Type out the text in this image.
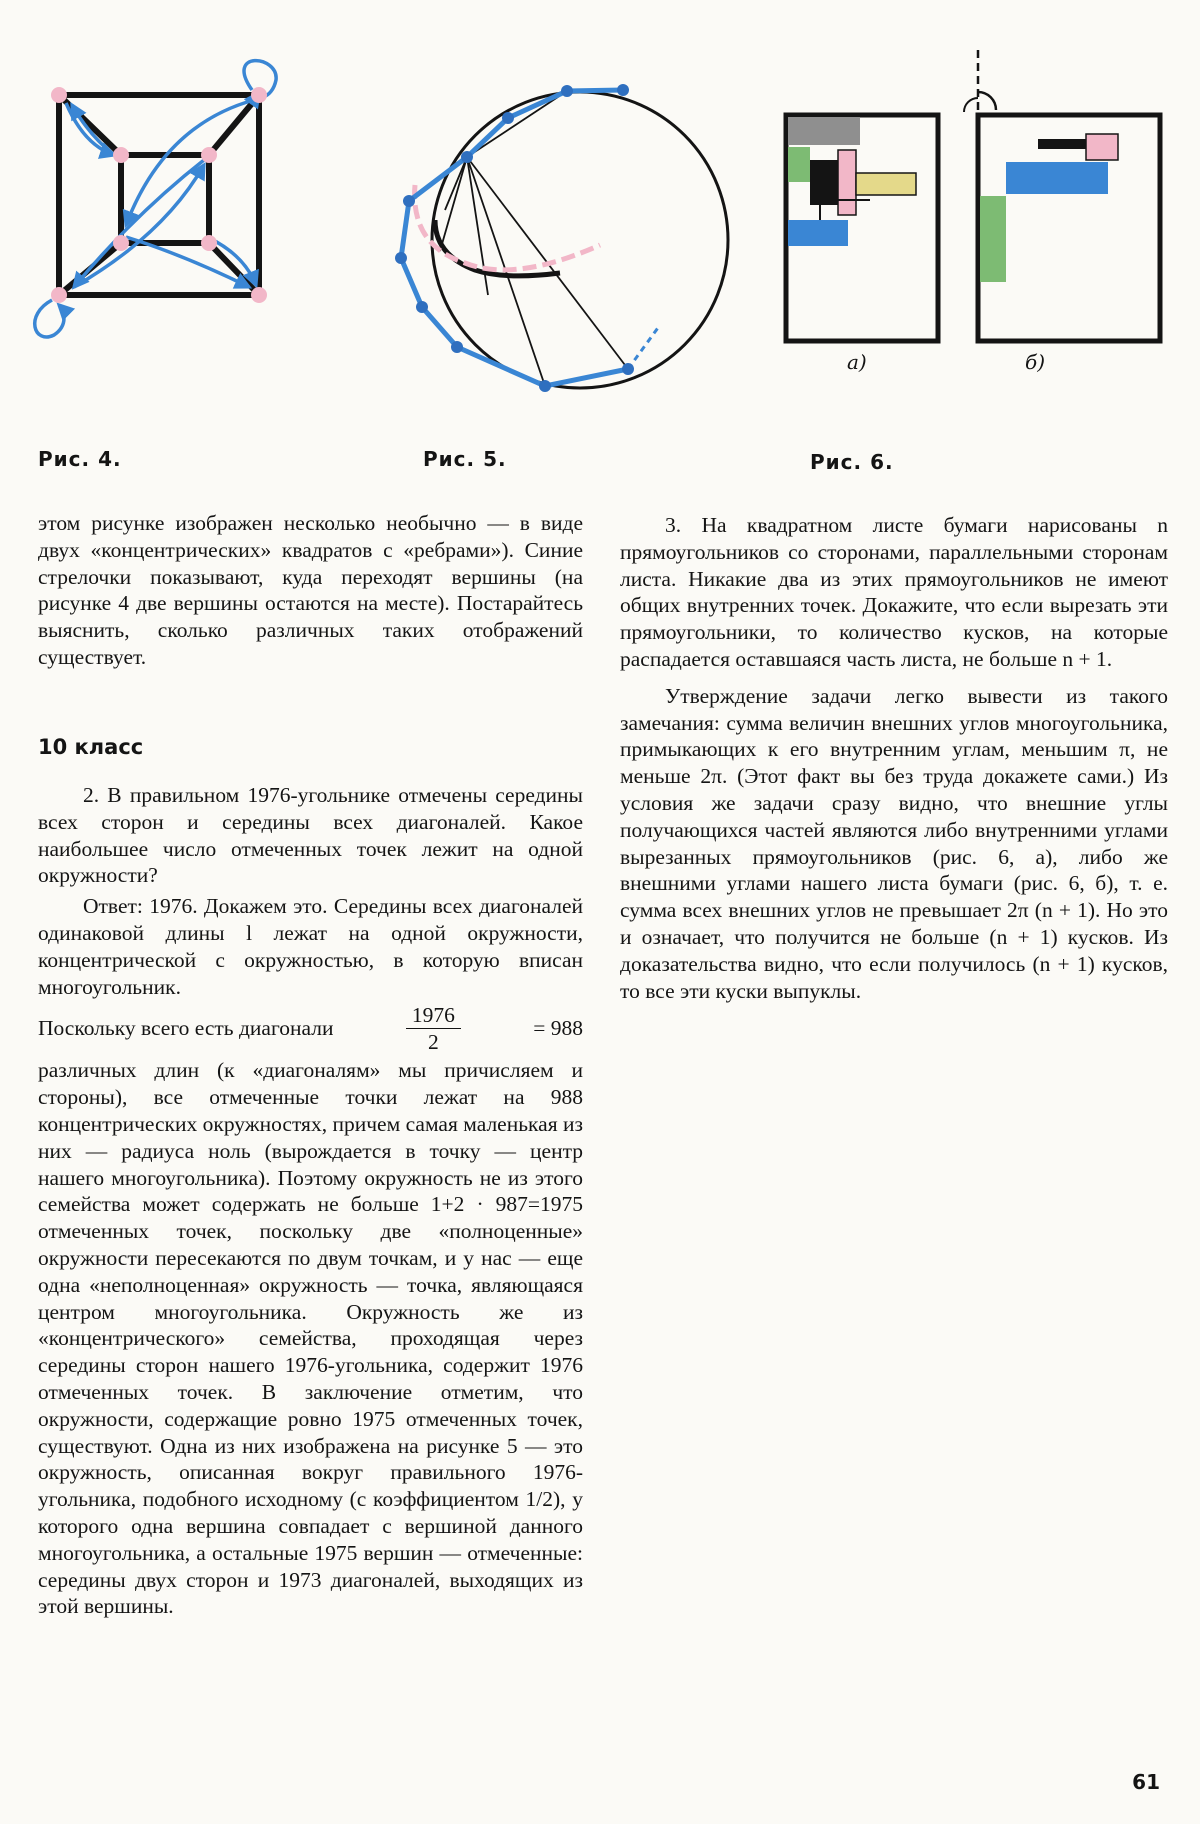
Рис. 4.	Рис. 5.
а)	б)
Рис. 6.

этом рисунке изображен несколько необычно — в виде двух «концентрических» квадратов с «ребрами»). Синие стрелочки показывают, куда переходят вершины (на рисунке 4 две вершины остаются на месте). Постарайтесь выяснить, сколько различных таких отображений существует.

10 класс

2. В правильном 1976-угольнике отмечены середины всех сторон и середины всех диагоналей. Какое наибольшее число отмеченных точек лежит на одной окружности?

Ответ: 1976. Докажем это. Середины всех диагоналей одинаковой длины l лежат на одной окружности, концентрической с окружностью, в которую вписан многоугольник.

Поскольку всего есть диагонали	$\frac{1976}{2}$	= 988

различных длин (к «диагоналям» мы причисляем и стороны), все отмеченные точки лежат на 988 концентрических окружностях, причем самая маленькая из них — радиуса ноль (вырождается в точку — центр нашего многоугольника). Поэтому окружность не из этого семейства может содержать не больше 1+2 · 987=1975 отмеченных точек, поскольку две «полноценные» окружности пересекаются по двум точкам, и у нас — еще одна «неполноценная» окружность — точка, являющаяся центром многоугольника. Окружность же из «концентрического» семейства, проходящая через середины сторон нашего 1976-угольника, содержит 1976 отмеченных точек. В заключение отметим, что окружности, содержащие ровно 1975 отмеченных точек, существуют. Одна из них изображена на рисунке 5 — это окружность, описанная вокруг правильного 1976-угольника, подобного исходному (с коэффициентом 1/2), у которого одна вершина совпадает с вершиной данного многоугольника, а остальные 1975 вершин — отмеченные: середины двух сторон и 1973 диагоналей, выходящих из этой вершины.

3. На квадратном листе бумаги нарисованы n прямоугольников со сторонами, параллельными сторонам листа. Никакие два из этих прямоугольников не имеют общих внутренних точек. Докажите, что если вырезать эти прямоугольники, то количество кусков, на которые распадается оставшаяся часть листа, не больше n + 1.

Утверждение задачи легко вывести из такого замечания: сумма величин внешних углов многоугольника, примыкающих к его внутренним углам, меньшим π, не меньше 2π. (Этот факт вы без труда докажете сами.) Из условия же задачи сразу видно, что внешние углы получающихся частей являются либо внутренними углами вырезанных прямоугольников (рис. 6, а), либо же внешними углами нашего листа бумаги (рис. 6, б), т. е. сумма всех внешних углов не превышает 2π (n + 1). Но это и означает, что получится не больше (n + 1) кусков. Из доказательства видно, что если получилось (n + 1) кусков, то все эти куски выпуклы.

61
